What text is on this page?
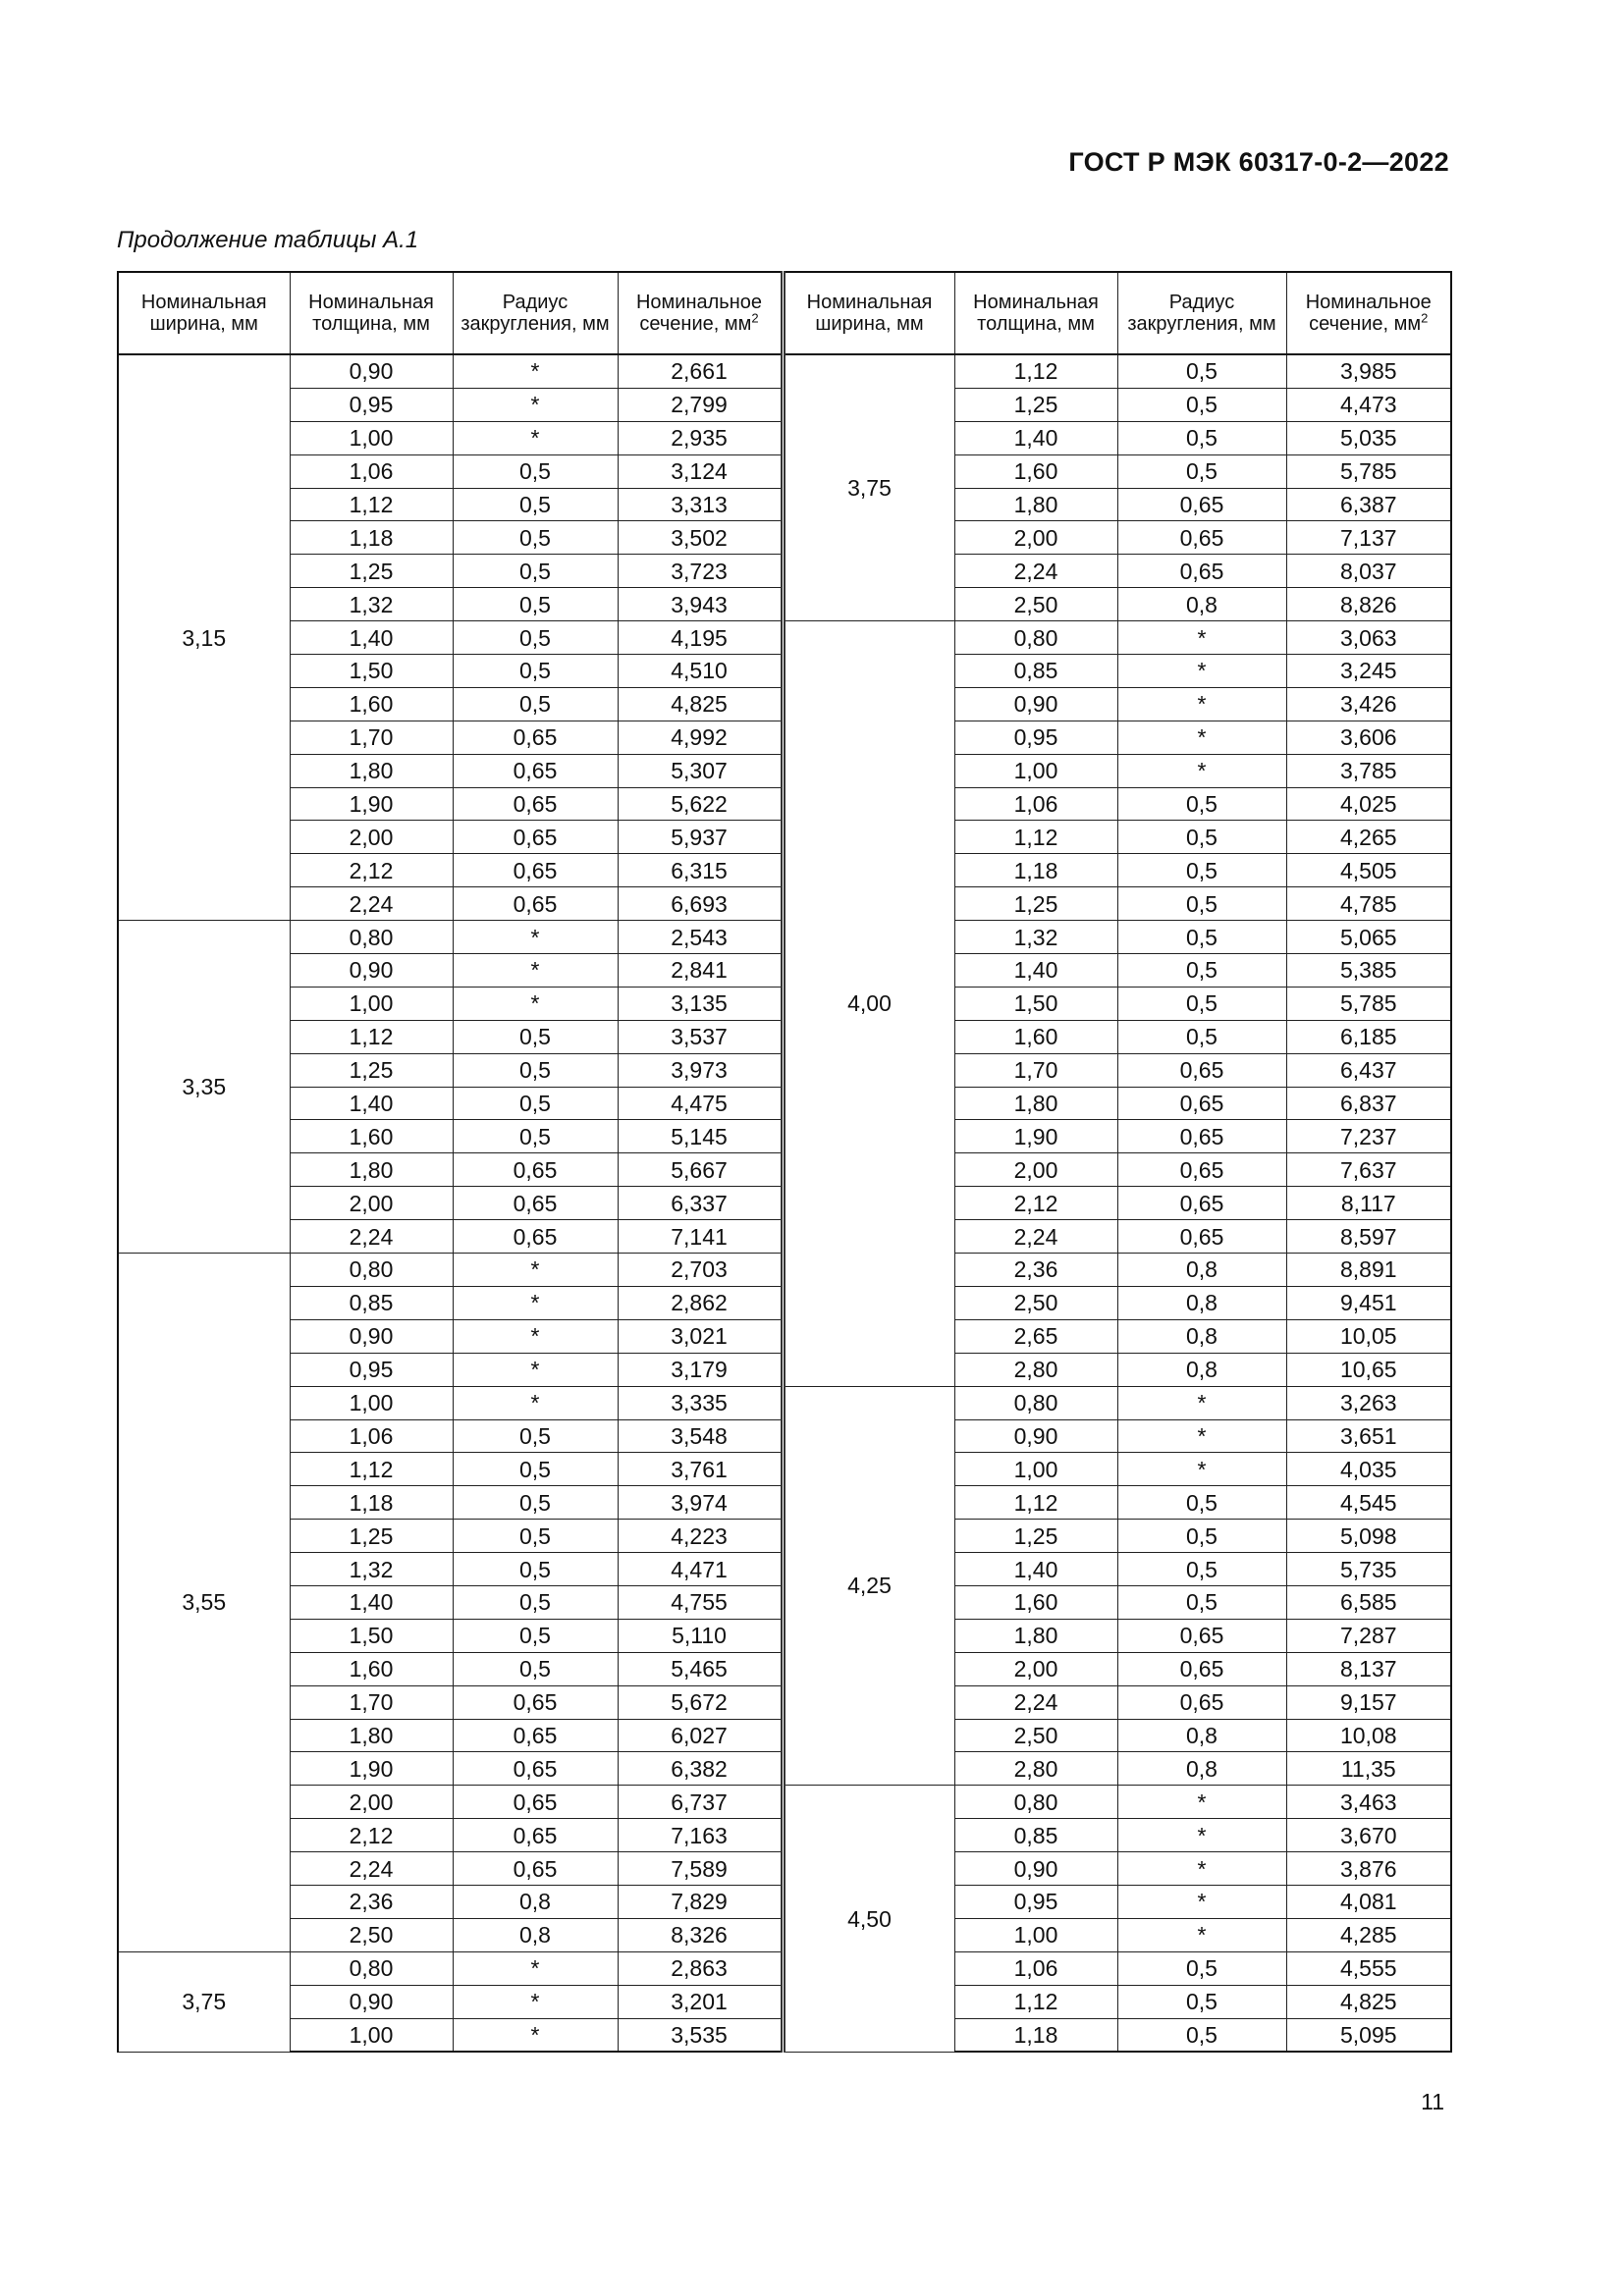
ГОСТ Р МЭК 60317-0-2—2022
Продолжение таблицы А.1
Номинальная ширина, мм	Номинальная толщина, мм	Радиус закругления, мм	Номинальное сечение, $мм^2$	Номинальная ширина, мм	Номинальная толщина, мм	Радиус закругления, мм	Номинальное сечение, $мм^2$
3,15	0,90	*	2,661	3,75	1,12	0,5	3,985
	0,95	*	2,799		1,25	0,5	4,473
	1,00	*	2,935		1,40	0,5	5,035
	1,06	0,5	3,124		1,60	0,5	5,785
	1,12	0,5	3,313		1,80	0,65	6,387
	1,18	0,5	3,502		2,00	0,65	7,137
	1,25	0,5	3,723		2,24	0,65	8,037
	1,32	0,5	3,943		2,50	0,8	8,826
	1,40	0,5	4,195	4,00	0,80	*	3,063
	1,50	0,5	4,510		0,85	*	3,245
	1,60	0,5	4,825		0,90	*	3,426
	1,70	0,65	4,992		0,95	*	3,606
	1,80	0,65	5,307		1,00	*	3,785
	1,90	0,65	5,622		1,06	0,5	4,025
	2,00	0,65	5,937		1,12	0,5	4,265
	2,12	0,65	6,315		1,18	0,5	4,505
	2,24	0,65	6,693		1,25	0,5	4,785
3,35	0,80	*	2,543		1,32	0,5	5,065
	0,90	*	2,841		1,40	0,5	5,385
	1,00	*	3,135		1,50	0,5	5,785
	1,12	0,5	3,537		1,60	0,5	6,185
	1,25	0,5	3,973		1,70	0,65	6,437
	1,40	0,5	4,475		1,80	0,65	6,837
	1,60	0,5	5,145		1,90	0,65	7,237
	1,80	0,65	5,667		2,00	0,65	7,637
	2,00	0,65	6,337		2,12	0,65	8,117
	2,24	0,65	7,141		2,24	0,65	8,597
3,55	0,80	*	2,703		2,36	0,8	8,891
	0,85	*	2,862		2,50	0,8	9,451
	0,90	*	3,021		2,65	0,8	10,05
	0,95	*	3,179		2,80	0,8	10,65
	1,00	*	3,335	4,25	0,80	*	3,263
	1,06	0,5	3,548		0,90	*	3,651
	1,12	0,5	3,761		1,00	*	4,035
	1,18	0,5	3,974		1,12	0,5	4,545
	1,25	0,5	4,223		1,25	0,5	5,098
	1,32	0,5	4,471		1,40	0,5	5,735
	1,40	0,5	4,755		1,60	0,5	6,585
	1,50	0,5	5,110		1,80	0,65	7,287
	1,60	0,5	5,465		2,00	0,65	8,137
	1,70	0,65	5,672		2,24	0,65	9,157
	1,80	0,65	6,027		2,50	0,8	10,08
	1,90	0,65	6,382		2,80	0,8	11,35
	2,00	0,65	6,737	4,50	0,80	*	3,463
	2,12	0,65	7,163		0,85	*	3,670
	2,24	0,65	7,589		0,90	*	3,876
	2,36	0,8	7,829		0,95	*	4,081
	2,50	0,8	8,326		1,00	*	4,285
3,75	0,80	*	2,863		1,06	0,5	4,555
	0,90	*	3,201		1,12	0,5	4,825
	1,00	*	3,535		1,18	0,5	5,095
11
